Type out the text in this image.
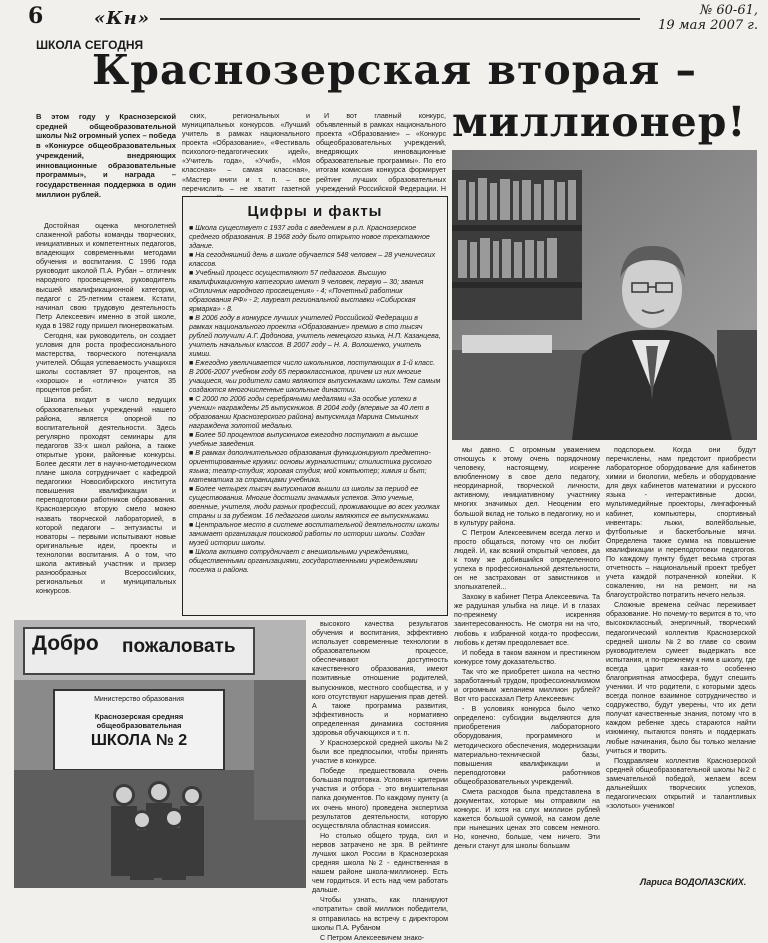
6	«Кн»	№ 60-61,
19 мая 2007 г.
ШКОЛА СЕГОДНЯ
Краснозерская вторая –
миллионер!
В этом году у Краснозерской средней общеобразовательной школы №2 огромный успех – победа в «Конкурсе общеобразовательных учреждений, внедряющих инновационные образовательные программы», и награда – государственная поддержка в один миллион рублей.

Достойная оценка многолетней слаженной работы команды творческих, инициативных и компетентных педагогов, владеющих современными методами обучения и воспитания. С 1996 года руководит школой П.А. Рубан – отличник народного просвещения, руководитель высшей квалификационной категории, педагог с 25-летним стажем. Кстати, начинал свою трудовую деятельность Петр Алексеевич именно в этой школе, куда в 1982 году пришел пионервожатым.

Сегодня, как руководитель, он создает условия для роста профессионального мастерства, творческого потенциала учителей. Общая успеваемость учащихся школы составляет 97 процентов, на «хорошо» и «отлично» учатся 35 процентов ребят.

Школа входит в число ведущих образовательных учреждений нашего района, является опорной по воспитательной деятельности. Здесь регулярно проходят семинары для педагогов 33-х школ района, а также открытые уроки, районные конкурсы. Более десяти лет в научно-методическом плане школа сотрудничает с кафедрой педагогики Новосибирского института повышения квалификации и переподготовки работников образования. Краснозерскую вторую смело можно назвать творческой лабораторией, в которой педагоги – энтузиасты и новаторы – первыми испытывают новые оригинальные идеи, проекты и технологии воспитания. А о том, что школа активный участник и призер разнообразных Всероссийских, региональных и муниципальных конкурсов.

ских, региональных и муниципальных конкурсов. «Лучший учитель в рамках национального проекта «Образование», «Фестиваль психолого-педагогических идей», «Учитель года», «Учиб», «Моя классная» – самая классная», «Мастер книги и т. п. – все перечислить – не хватит газетной

И вот главный конкурс, объявленный в рамках национального проекта «Образование» – «Конкурс общеобразовательных учреждений, внедряющих инновационные образовательные программы». По его итогам комиссия конкурса формирует рейтинг лучших образовательных учреждений Российской Федерации. Н

Цифры и факты

■ Школа существует с 1937 года с введением в р.п. Краснозерское среднего образования. В 1968 году было открыто новое трехэтажное здание.

■ На сегодняшний день в школе обучается 548 человек – 28 ученических классов.

■ Учебный процесс осуществляют 57 педагогов. Высшую квалификационную категорию имеют 9 человек, первую – 30; звания «Отличник народного просвещения» - 4; «Почетный работник образования РФ» - 2; лауреат региональной выставки «Сибирская ярмарка» - 8.

■ В 2006 году в конкурсе лучших учителей Российской Федерации в рамках национального проекта «Образование» премию в сто тысяч рублей получили А.Г. Додонова, учитель немецкого языка, Н.П. Казанцева, учитель начальных классов. В 2007 году – Н. А. Волошенко, учитель химии.

■ Ежегодно увеличивается число школьников, поступающих в 1-й класс. В 2006-2007 учебном году 65 первоклассников, причем из них многие учащиеся, чьи родители сами являются выпускниками школы. Тем самым создаются многочисленные школьные династии.

■ С 2000 по 2006 годы серебряными медалями «За особые успехи в учении» награждены 25 выпускников. В 2004 году (впервые за 40 лет в образовании Краснозерского района) выпускница Марина Смышных награждена золотой медалью.

■ Более 50 процентов выпускников ежегодно поступают в высшие учебные заведения.

■ В рамках дополнительного образования функционируют предметно-ориентированные кружки: основы журналистики; стилистика русского языка; театр-студия; хоровая студия; мой компьютер; химия и быт; математика за страницами учебника.

■ Более четырех тысяч выпускников вышли из школы за период ее существования. Многие достигли значимых успехов. Это ученые, военные, учителя, люди разных профессий, проживающие во всех уголках страны и за рубежом. 16 педагогов школы являются ее выпускниками.

■ Центральное место в системе воспитательной деятельности школы занимает организация поисковой работы по истории школы. Создан музей истории школы.

■ Школа активно сотрудничает с внешкольными учреждениями, общественными организациями, государственными учреждениями поселка и района.

Добро пожаловать
Министерство образования
Краснозерская средняя общеобразовательная
ШКОЛА № 2

высокого качества результатов обучения и воспитания, эффективно использует современные технологии в образовательном процессе, обеспечивают доступность качественного образования, имеют позитивные отношение родителей, выпускников, местного сообщества, и у кого отсутствуют нарушения прав детей. А также программа развития, эффективность и нормативно определенная динамика состояния здоровья обучающихся и т. п.

У Краснозерской средней школы №2 были все предпосылки, чтобы принять участие в конкурсе.

Победе предшествовала очень большая подготовка. Условия - критерии участия и отбора - это внушительная папка документов. По каждому пункту (а их очень много) проведена экспертиза результатов деятельности, которую осуществляла областная комиссия.

Но столько общего труда, сил и нервов затрачено не зря. В рейтинге лучших школ России в Краснозерская средняя школа №2 - единственная в нашем районе школа-миллионер. Есть чем гордиться. И есть над чем работать дальше.

Чтобы узнать, как планируют «потратить» свой миллион победители, я отправилась на встречу с директором школы П.А. Рубаном

С Петром Алексеевичем знако-

мы давно. С огромным уважением отношусь к этому очень порядочному человеку, настоящему, искренне влюбленному в свое дело педагогу, неординарной, творческой личности, активному, инициативному участнику многих значимых дел. Неоценим его большой вклад не только в педагогику, но и в культуру района.

С Петром Алексеевичем всегда легко и просто общаться, потому что он любит людей. И, как всякий открытый человек, да к тому же добившийся определенного успеха в профессиональной деятельности, он не застрахован от завистников и злопыхателей...

Захожу в кабинет Петра Алексеевича. Та же радушная улыбка на лице. И в глазах по-прежнему искренняя заинтересованность. Не смотря ни на что, любовь к избранной когда-то профессии, любовь к детям преодолевает все.

И победа в таком важном и престижном конкурсе тому доказательство.

Так что же приобретет школа на честно заработанный трудом, профессионализмом и огромным желанием миллион рублей? Вот что рассказал Петр Алексеевич:

- В условиях конкурса было четко определено: субсидии выделяются для приобретения лабораторного оборудования, программного и методического обеспечения, модернизации материально-технической базы, повышения квалификации и переподготовки работников общеобразовательных учреждений.

Смета расходов была представлена в документах, которые мы отправили на конкурс. И хотя на слух миллион рублей кажется большой суммой, на самом деле при нынешних ценах это совсем немного. Но, конечно, больше, чем ничего. Эти деньги станут для школы большим

подспорьем. Когда они будут перечислены, нам предстоит приобрести лабораторное оборудование для кабинетов химии и биологии, мебель и оборудование для двух кабинетов математики и русского языка - интерактивные доски, мультимедийные проекторы, лингафонный кабинет, компьютеры, спортивный инвентарь: лыжи, волейбольные, футбольные и баскетбольные мячи. Определена также сумма на повышение квалификации и переподготовки педагогов. По каждому пункту будет весьма строгая отчетность – национальный проект требует учета каждой потраченной копейки. К сожалению, ни на ремонт, ни на благоустройство потратить нечего нельзя.

Сложные времена сейчас переживает образование. Но почему-то верится в то, что высококлассный, энергичный, творческий педагогический коллектив Краснозерской средней школы №2 во главе со своим руководителем сумеет выдержать все испытания, и по-прежнему к ним в школу, где всегда царит какая-то особенно благоприятная атмосфера, будут спешить ученики. И что родители, с которыми здесь всегда полное взаимное сотрудничество и содружество, будут уверены, что их дети получат качественные знания, потому что в каждом ребенке здесь стараются найти изюминку, пытаются понять и поддержать любые начинания, было бы только желание учиться и творить.

Поздравляем коллектив Краснозерской средней общеобразовательной школы №2 с замечательной победой, желаем всем дальнейших творческих успехов, педагогических открытий и талантливых «золотых» учеников!

Лариса ВОДОЛАЗСКИХ.
